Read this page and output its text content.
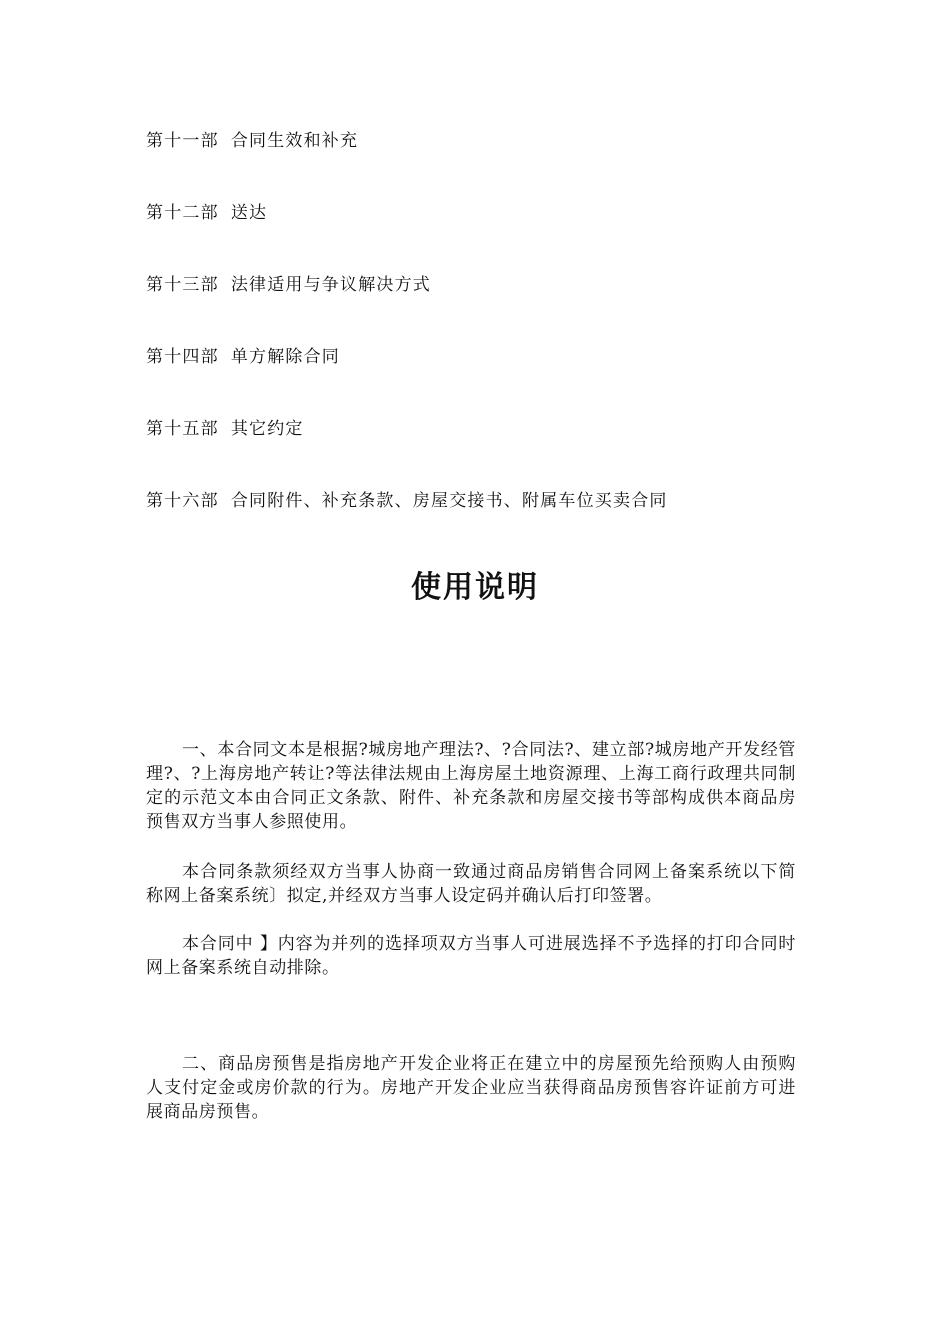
第十一部 合同生效和补充
第十二部 送达
第十三部 法律适用与争议解决方式
第十四部 单方解除合同
第十五部 其它约定
第十六部 合同附件、补充条款、房屋交接书、附属车位买卖合同
使用说明

一、本合同文本是根据?城房地产理法?、?合同法?、建立部?城房地产开发经管理?、?上海房地产转让?等法律法规由上海房屋土地资源理、上海工商行政理共同制定的示范文本由合同正文条款、附件、补充条款和房屋交接书等部构成供本商品房预售双方当事人参照使用。

本合同条款须经双方当事人协商一致通过商品房销售合同网上备案系统以下简称网上备案系统〕拟定,并经双方当事人设定码并确认后打印签署。

本合同中 】内容为并列的选择项双方当事人可进展选择不予选择的打印合同时网上备案系统自动排除。

二、商品房预售是指房地产开发企业将正在建立中的房屋预先给预购人由预购人支付定金或房价款的行为。房地产开发企业应当获得商品房预售容许证前方可进展商品房预售。
